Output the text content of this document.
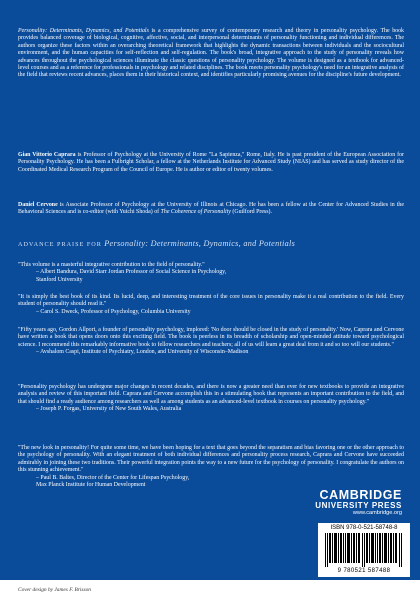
Personality: Determinants, Dynamics, and Potentials is a comprehensive survey of contemporary research and theory in personality psychology. The book provides balanced coverage of biological, cognitive, affective, social, and interpersonal determinants of personality functioning and individual differences. The authors organize these factors within an overarching theoretical framework that highlights the dynamic transactions between individuals and the sociocultural environment, and the human capacities for self-reflection and self-regulation. The book's broad, integrative approach to the study of personality reveals how advances throughout the psychological sciences illuminate the classic questions of personality psychology. The volume is designed as a textbook for advanced-level courses and as a reference for professionals in psychology and related disciplines. The book meets personality psychology's need for an integrative analysis of the field that reviews recent advances, places them in their historical context, and identifies particularly promising avenues for the discipline's future development.
Gian Vittorio Caprara is Professor of Psychology at the University of Rome "La Sapienza," Rome, Italy. He is past president of the European Association for Personality Psychology. He has been a Fulbright Scholar, a fellow at the Netherlands Institute for Advanced Study (NIAS) and has served as study director of the Coordinated Medical Research Program of the Council of Europe. He is author or editor of twenty volumes.
Daniel Cervone is Associate Professor of Psychology at the University of Illinois at Chicago. He has been a fellow at the Center for Advanced Studies in the Behavioral Sciences and is co-editor (with Yuichi Shoda) of The Coherence of Personality (Guilford Press).
ADVANCE PRAISE FOR Personality: Determinants, Dynamics, and Potentials
"This volume is a masterful integrative contribution to the field of personality."
– Albert Bandura, David Starr Jordan Professor of Social Science in Psychology,
Stanford University
"It is simply the best book of its kind. Its lucid, deep, and interesting treatment of the core issues in personality make it a real contribution to the field. Every student of personality should read it."
– Carol S. Dweck, Professor of Psychology, Columbia University
"Fifty years ago, Gordon Allport, a founder of personality psychology, implored: 'No door should be closed in the study of personality.' Now, Caprara and Cervone have written a book that opens doors onto this exciting field. The book is peerless in its breadth of scholarship and open-minded attitude toward psychological science. I recommend this remarkably informative book to fellow researchers and teachers; all of us will learn a great deal from it and so too will our students."
– Avshalom Caspi, Institute of Psychiatry, London, and University of Wisconsin–Madison
"Personality psychology has undergone major changes in recent decades, and there is now a greater need than ever for new textbooks to provide an integrative analysis and review of this important field. Caprara and Cervone accomplish this in a stimulating book that represents an important contribution to the field, and that should find a ready audience among researchers as well as among students as an advanced-level textbook in courses on personality psychology."
– Joseph P. Forgas, University of New South Wales, Australia
"The new look in personality! For quite some time, we have been hoping for a text that goes beyond the separatism and bias favoring one or the other approach to the psychology of personality. With an elegant treatment of both individual differences and personality process research, Caprara and Cervone have succeeded admirably in joining these two traditions. Their powerful integration points the way to a new future for the psychology of personality. I congratulate the authors on this stunning achievement."
– Paul B. Baltes, Director of the Center for Lifespan Psychology,
Max Planck Institute for Human Development
CAMBRIDGE
UNIVERSITY PRESS
www.cambridge.org
ISBN 978-0-521-58748-8
9 780521 587488
Cover design by James F. Brisson
